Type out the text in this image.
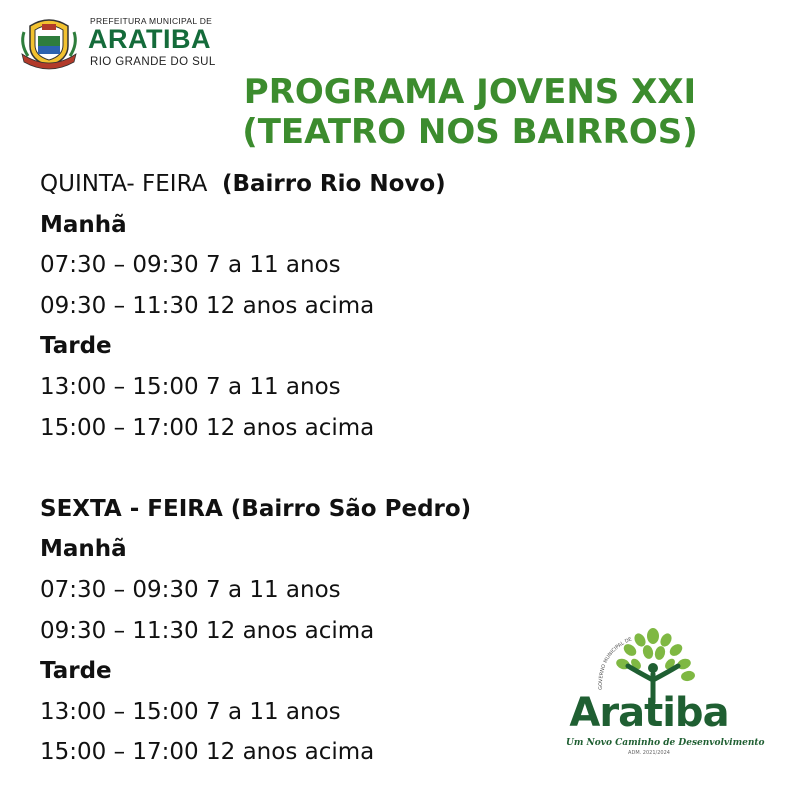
PREFEITURA MUNICIPAL DE
ARATIBA
RIO GRANDE DO SUL
PROGRAMA JOVENS XXI
(TEATRO NOS BAIRROS)
QUINTA- FEIRA (Bairro Rio Novo)
Manhã
07:30 – 09:30 7 a 11 anos
09:30 – 11:30 12 anos acima
Tarde
13:00 – 15:00 7 a 11 anos
15:00 – 17:00 12 anos acima
SEXTA - FEIRA (Bairro São Pedro)
Manhã
07:30 – 09:30 7 a 11 anos
09:30 – 11:30 12 anos acima
Tarde
13:00 – 15:00 7 a 11 anos
15:00 – 17:00 12 anos acima
GOVERNO MUNICIPAL DE
Aratiba
Um Novo Caminho de Desenvolvimento
ADM. 2021/2024
